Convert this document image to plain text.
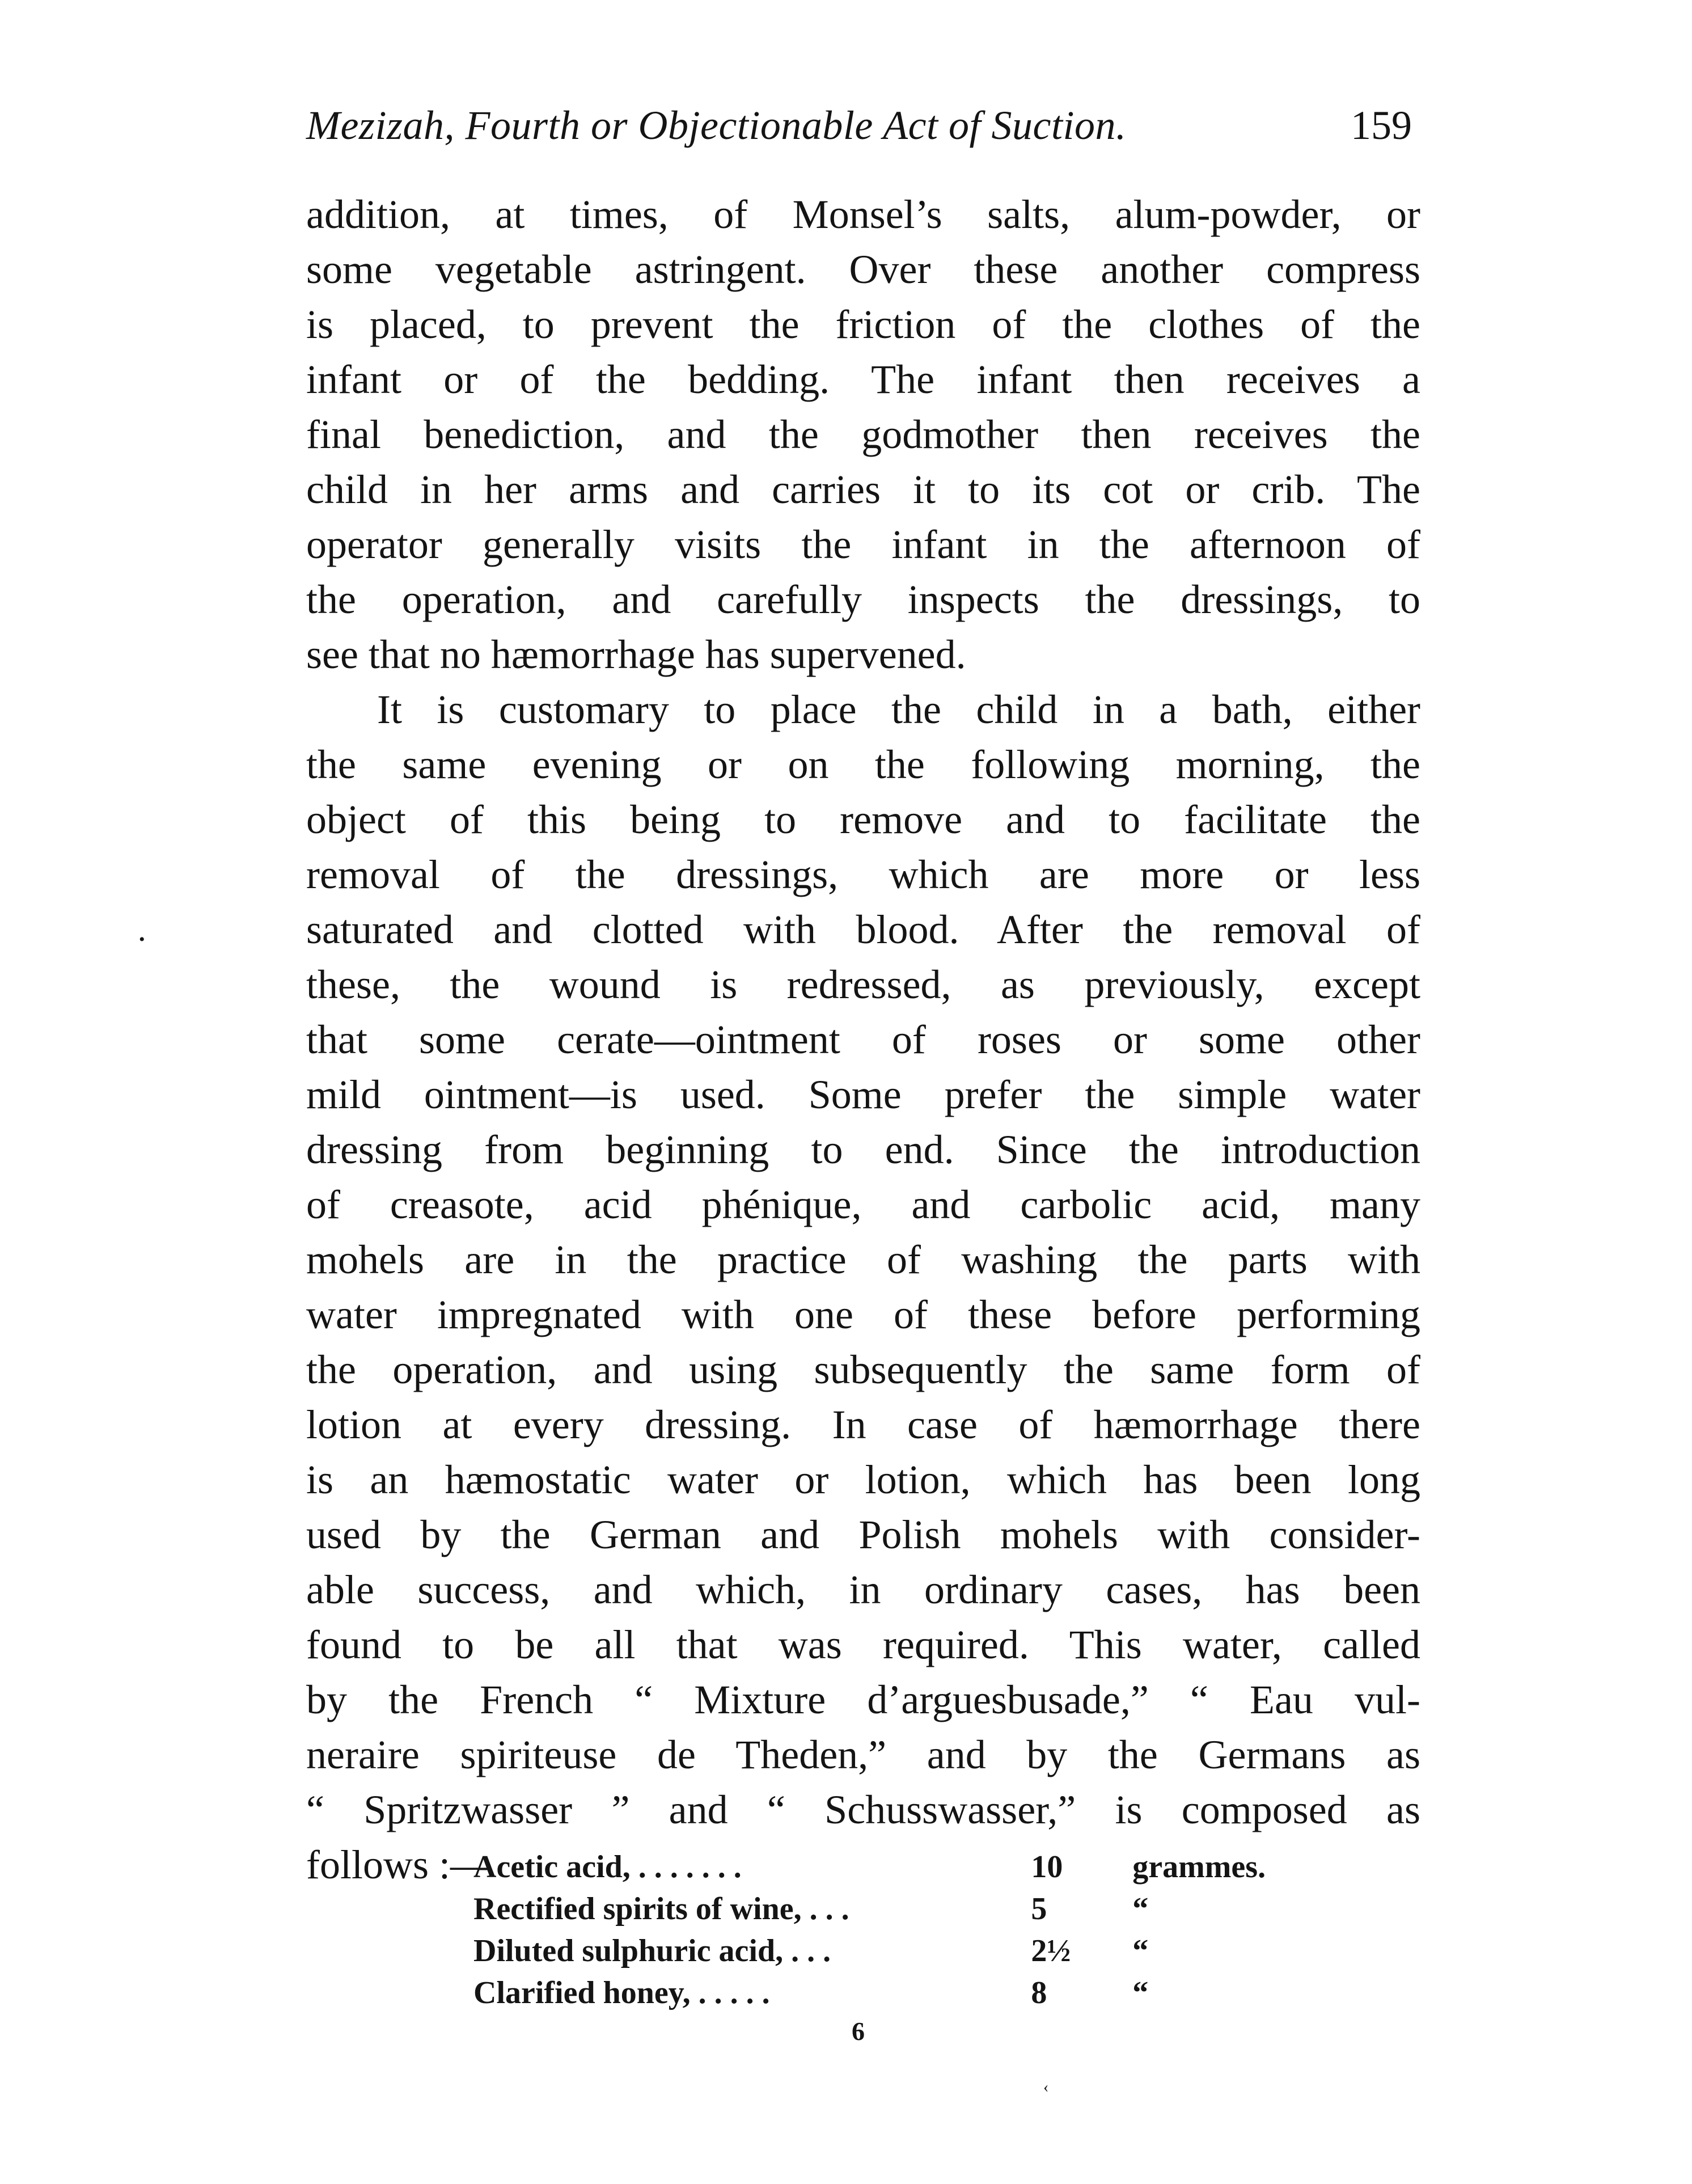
Mezizah, Fourth or Objectionable Act of Suction.	159

addition, at times, of Monsel’s salts, alum-powder, or
some vegetable astringent. Over these another compress
is placed, to prevent the friction of the clothes of the
infant or of the bedding. The infant then receives a
final benediction, and the godmother then receives the
child in her arms and carries it to its cot or crib. The
operator generally visits the infant in the afternoon of
the operation, and carefully inspects the dressings, to
see that no hæmorrhage has supervened.

It is customary to place the child in a bath, either
the same evening or on the following morning, the
object of this being to remove and to facilitate the
removal of the dressings, which are more or less
saturated and clotted with blood. After the removal of
these, the wound is redressed, as previously, except
that some cerate—ointment of roses or some other
mild ointment—is used. Some prefer the simple water
dressing from beginning to end. Since the introduction
of creasote, acid phénique, and carbolic acid, many
mohels are in the practice of washing the parts with
water impregnated with one of these before performing
the operation, and using subsequently the same form of
lotion at every dressing. In case of hæmorrhage there
is an hæmostatic water or lotion, which has been long
used by the German and Polish mohels with consider-
able success, and which, in ordinary cases, has been
found to be all that was required. This water, called
by the French “ Mixture d’arguesbusade,” “ Eau vul-
neraire spiriteuse de Theden,” and by the Germans as
“ Spritzwasser ” and “ Schusswasser,” is composed as
follows :—

Acetic acid, . . . . . . .	10	grammes.
Rectified spirits of wine, . . .	5	“
Diluted sulphuric acid, . . .	2½	“
Clarified honey, . . . . .	8	“
6
•
‹
